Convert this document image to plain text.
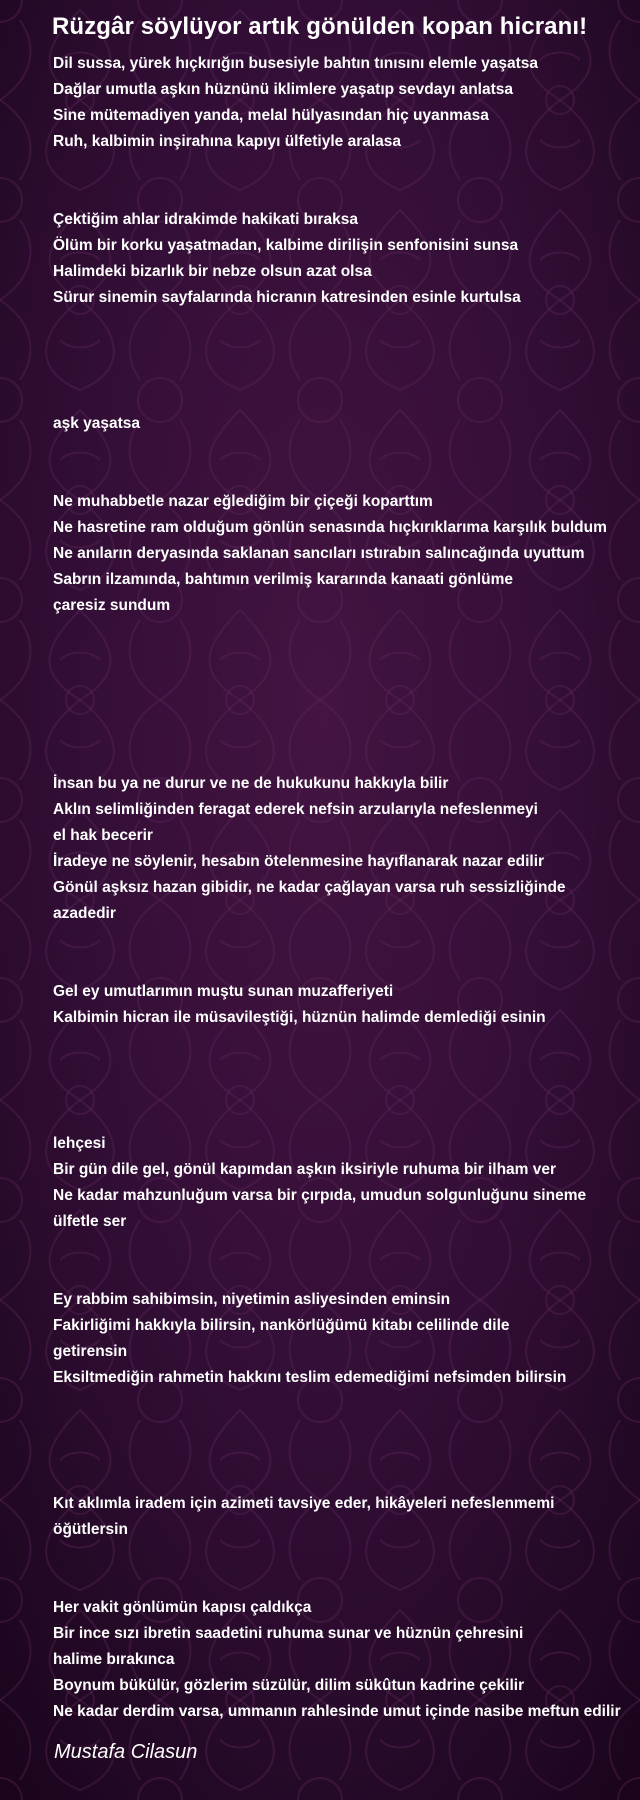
Rüzgâr söylüyor artık gönülden kopan hicranı!

Dil sussa, yürek hıçkırığın busesiyle bahtın tınısını elemle yaşatsa

Dağlar umutla aşkın hüznünü iklimlere yaşatıp sevdayı anlatsa

Sine mütemadiyen yanda, melal hülyasından hiç uyanmasa

Ruh, kalbimin inşirahına kapıyı ülfetiyle aralasa

Çektiğim ahlar idrakimde hakikati bıraksa

Ölüm bir korku yaşatmadan, kalbime dirilişin senfonisini sunsa

Halimdeki bizarlık bir nebze olsun azat olsa

Sürur sinemin sayfalarında hicranın katresinden esinle kurtulsa

aşk yaşatsa

Ne muhabbetle nazar eğlediğim bir çiçeği koparttım

Ne hasretine ram olduğum gönlün senasında hıçkırıklarıma karşılık buldum

Ne anıların deryasında saklanan sancıları ıstırabın salıncağında uyuttum

Sabrın ilzamında, bahtımın verilmiş kararında kanaati gönlüme

çaresiz sundum

İnsan bu ya ne durur ve ne de hukukunu hakkıyla bilir

Aklın selimliğinden feragat ederek nefsin arzularıyla nefeslenmeyi

el hak becerir

İradeye ne söylenir, hesabın ötelenmesine hayıflanarak nazar edilir

Gönül aşksız hazan gibidir, ne kadar çağlayan varsa ruh sessizliğinde

azadedir

Gel ey umutlarımın muştu sunan muzafferiyeti

Kalbimin hicran ile müsavileştiği, hüznün halimde demlediği esinin

lehçesi

Bir gün dile gel, gönül kapımdan aşkın iksiriyle ruhuma bir ilham ver

Ne kadar mahzunluğum varsa bir çırpıda, umudun solgunluğunu sineme

ülfetle ser

Ey rabbim sahibimsin, niyetimin asliyesinden eminsin

Fakirliğimi hakkıyla bilirsin, nankörlüğümü kitabı celilinde dile

getirensin

Eksiltmediğin rahmetin hakkını teslim edemediğimi nefsimden bilirsin

Kıt aklımla iradem için azimeti tavsiye eder, hikâyeleri nefeslenmemi

öğütlersin

Her vakit gönlümün kapısı çaldıkça

Bir ince sızı ibretin saadetini ruhuma sunar ve hüznün çehresini

halime bırakınca

Boynum bükülür, gözlerim süzülür, dilim sükûtun kadrine çekilir

Ne kadar derdim varsa, ummanın rahlesinde umut içinde nasibe meftun edilir

Mustafa Cilasun
